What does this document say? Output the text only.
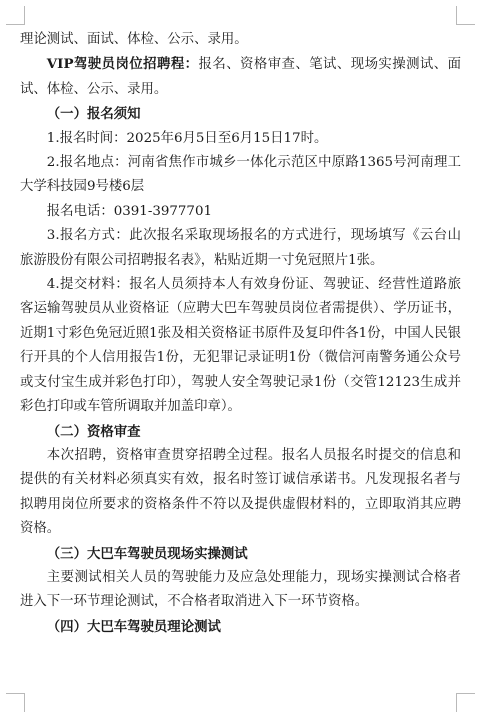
理论测试、面试、体检、公示、录用。

VIP驾驶员岗位招聘程：报名、资格审查、笔试、现场实操测试、面试、体检、公示、录用。

（一）报名须知

1.报名时间：2025年6月5日至6月15日17时。

2.报名地点：河南省焦作市城乡一体化示范区中原路1365号河南理工大学科技园9号楼6层

报名电话：0391-3977701

3.报名方式：此次报名采取现场报名的方式进行，现场填写《云台山旅游股份有限公司招聘报名表》，粘贴近期一寸免冠照片1张。

4.提交材料：报名人员须持本人有效身份证、驾驶证、经营性道路旅客运输驾驶员从业资格证（应聘大巴车驾驶员岗位者需提供）、学历证书，近期1寸彩色免冠近照1张及相关资格证书原件及复印件各1份，中国人民银行开具的个人信用报告1份，无犯罪记录证明1份（微信河南警务通公众号或支付宝生成并彩色打印），驾驶人安全驾驶记录1份（交管12123生成并彩色打印或车管所调取并加盖印章）。

（二）资格审查

本次招聘，资格审查贯穿招聘全过程。报名人员报名时提交的信息和提供的有关材料必须真实有效，报名时签订诚信承诺书。凡发现报名者与拟聘用岗位所要求的资格条件不符以及提供虚假材料的，立即取消其应聘资格。

（三）大巴车驾驶员现场实操测试

主要测试相关人员的驾驶能力及应急处理能力，现场实操测试合格者进入下一环节理论测试，不合格者取消进入下一环节资格。

（四）大巴车驾驶员理论测试
